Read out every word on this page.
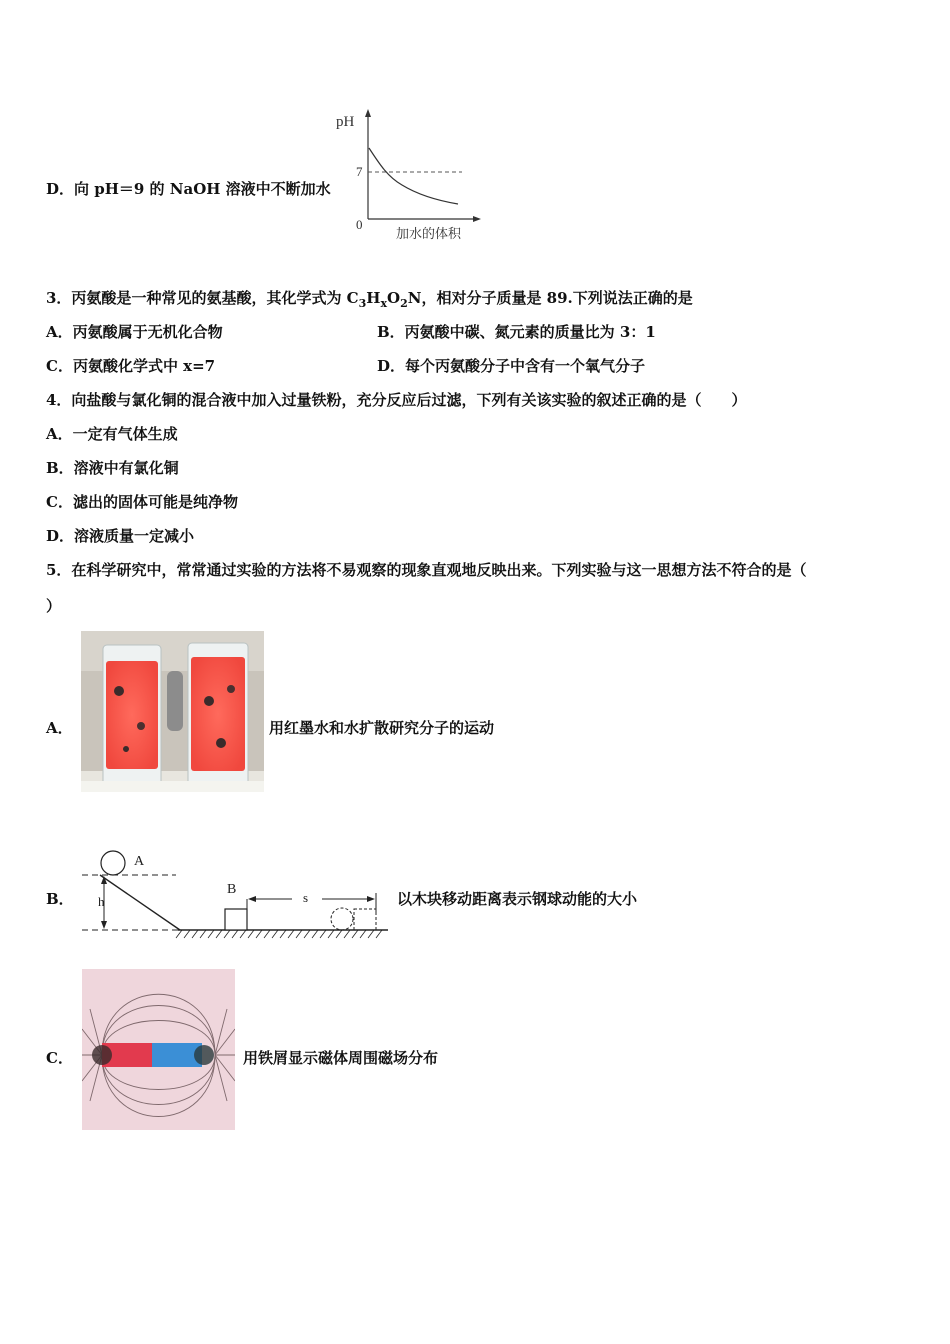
D．向 pH＝9 的 NaOH 溶液中不断加水
pH
7
0
加水的体积
3．丙氨酸是一种常见的氨基酸，其化学式为 $C_3H_xO_2N$，相对分子质量是 89.下列说法正确的是
A．丙氨酸属于无机化合物	B．丙氨酸中碳、氮元素的质量比为 3：1
C．丙氨酸化学式中 x=7	D．每个丙氨酸分子中含有一个氧气分子
4．向盐酸与氯化铜的混合液中加入过量铁粉，充分反应后过滤，下列有关该实验的叙述正确的是（　　）
A．一定有气体生成
B．溶液中有氯化铜
C．滤出的固体可能是纯净物
D．溶液质量一定减小
5．在科学研究中，常常通过实验的方法将不易观察的现象直观地反映出来。下列实验与这一思想方法不符合的是（
）
A．	用红墨水和水扩散研究分子的运动
B．
A
h
B
s	以木块移动距离表示钢球动能的大小
C．	用铁屑显示磁体周围磁场分布
